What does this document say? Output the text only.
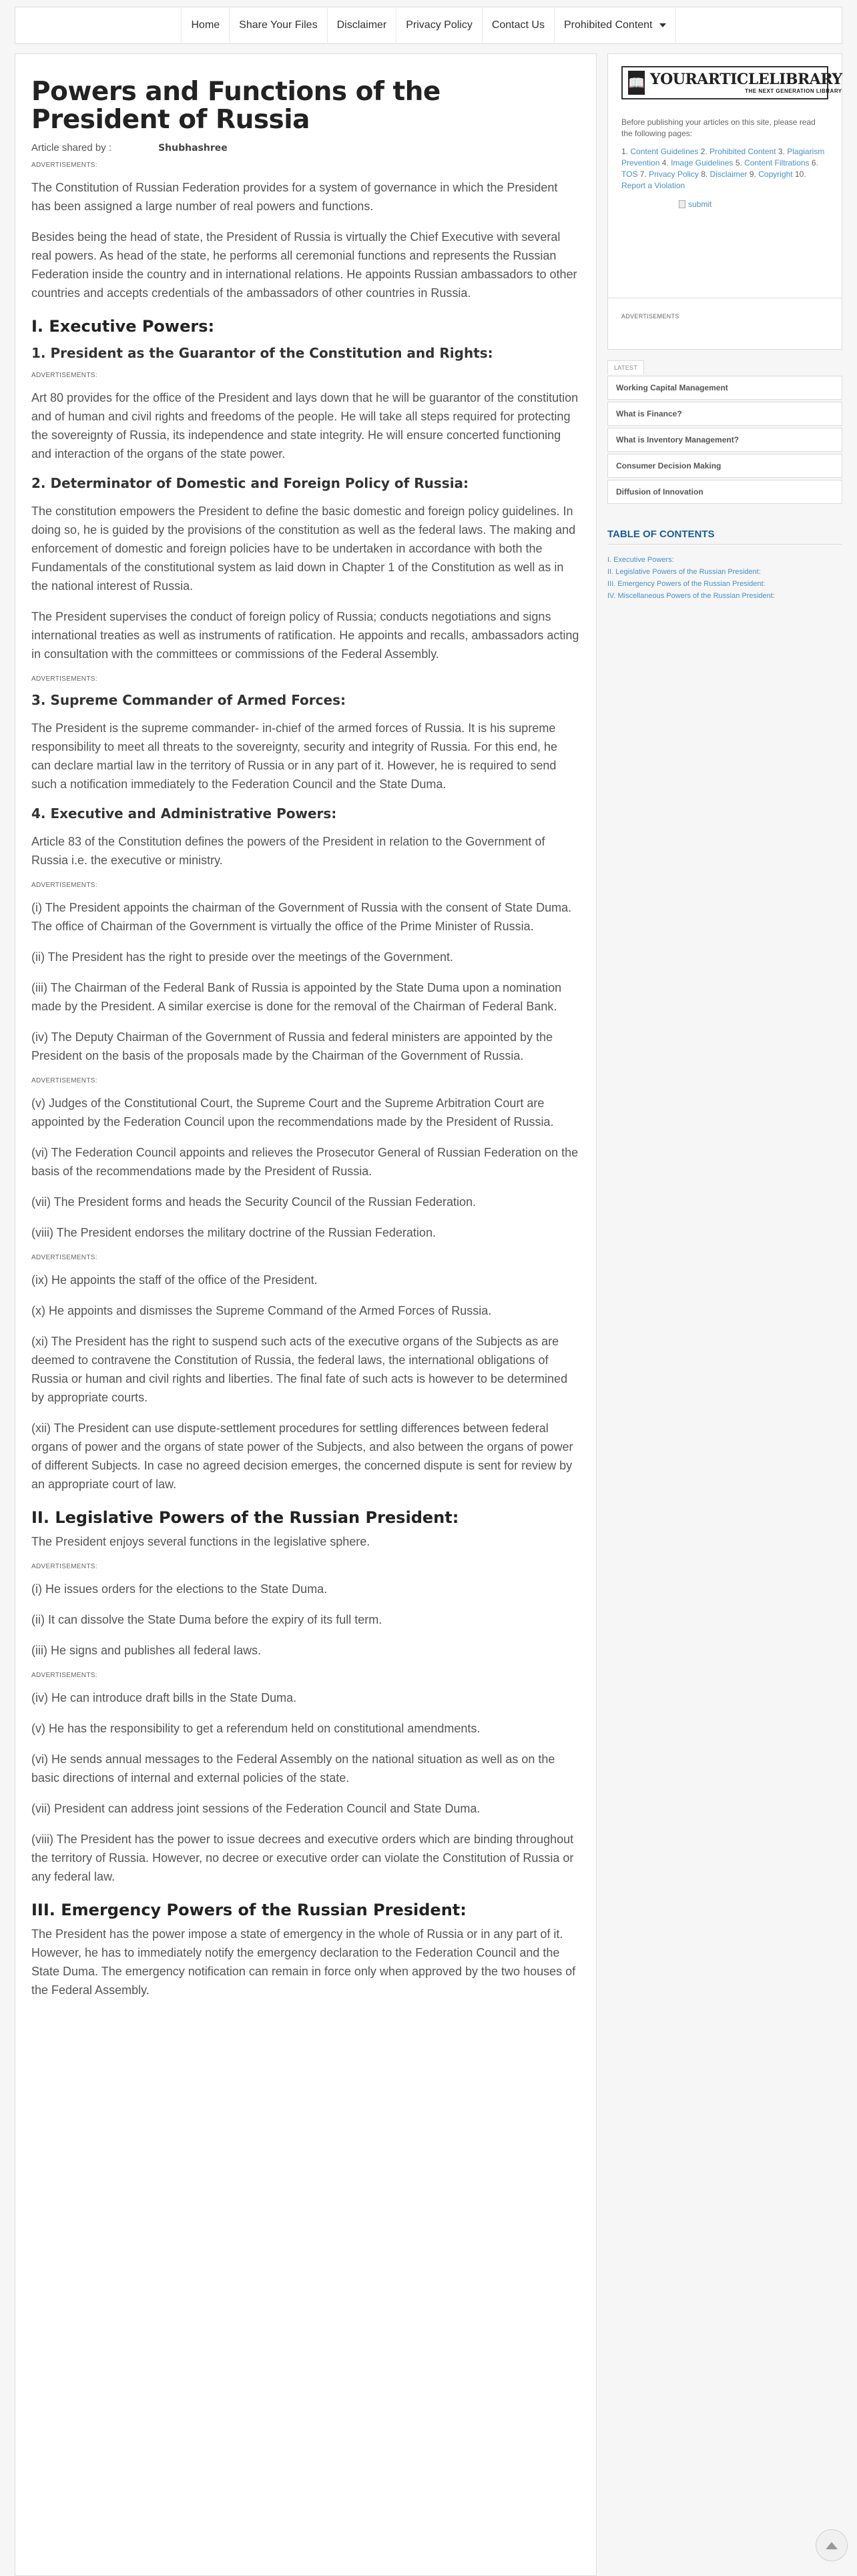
Home	Share Your Files	Disclaimer	Privacy Policy	Contact Us	Prohibited Content
Powers and Functions of the President of Russia
Article shared by :	Shubhashree
ADVERTISEMENTS:

The Constitution of Russian Federation provides for a system of governance in which the President has been assigned a large number of real powers and functions.

Besides being the head of state, the President of Russia is virtually the Chief Executive with several real powers. As head of the state, he performs all ceremonial functions and represents the Russian Federation inside the country and in international relations. He appoints Russian ambassadors to other countries and accepts credentials of the ambassadors of other countries in Russia.

I. Executive Powers:
1. President as the Guarantor of the Constitution and Rights:
ADVERTISEMENTS:

Art 80 provides for the office of the President and lays down that he will be guarantor of the constitution and of human and civil rights and freedoms of the people. He will take all steps required for protecting the sovereignty of Russia, its independence and state integrity. He will ensure concerted functioning and interaction of the organs of the state power.

2. Determinator of Domestic and Foreign Policy of Russia:

The constitution empowers the President to define the basic domestic and foreign policy guidelines. In doing so, he is guided by the provisions of the constitution as well as the federal laws. The making and enforcement of domestic and foreign policies have to be undertaken in accordance with both the Fundamentals of the constitutional system as laid down in Chapter 1 of the Constitution as well as in the national interest of Russia.

The President supervises the conduct of foreign policy of Russia; conducts negotiations and signs international treaties as well as instruments of ratification. He appoints and recalls, ambassadors acting in consultation with the committees or commissions of the Federal Assembly.

ADVERTISEMENTS:
3. Supreme Commander of Armed Forces:

The President is the supreme commander- in-chief of the armed forces of Russia. It is his supreme responsibility to meet all threats to the sovereignty, security and integrity of Russia. For this end, he can declare martial law in the territory of Russia or in any part of it. However, he is required to send such a notification immediately to the Federation Council and the State Duma.

4. Executive and Administrative Powers:

Article 83 of the Constitution defines the powers of the President in relation to the Government of Russia i.e. the executive or ministry.

ADVERTISEMENTS:

(i) The President appoints the chairman of the Government of Russia with the consent of State Duma. The office of Chairman of the Government is virtually the office of the Prime Minister of Russia.

(ii) The President has the right to preside over the meetings of the Government.

(iii) The Chairman of the Federal Bank of Russia is appointed by the State Duma upon a nomination made by the President. A similar exercise is done for the removal of the Chairman of Federal Bank.

(iv) The Deputy Chairman of the Government of Russia and federal ministers are appointed by the President on the basis of the proposals made by the Chairman of the Government of Russia.

ADVERTISEMENTS:

(v) Judges of the Constitutional Court, the Supreme Court and the Supreme Arbitration Court are appointed by the Federation Council upon the recommendations made by the President of Russia.

(vi) The Federation Council appoints and relieves the Prosecutor General of Russian Federation on the basis of the recommendations made by the President of Russia.

(vii) The President forms and heads the Security Council of the Russian Federation.

(viii) The President endorses the military doctrine of the Russian Federation.

ADVERTISEMENTS:

(ix) He appoints the staff of the office of the President.

(x) He appoints and dismisses the Supreme Command of the Armed Forces of Russia.

(xi) The President has the right to suspend such acts of the executive organs of the Subjects as are deemed to contravene the Constitution of Russia, the federal laws, the international obligations of Russia or human and civil rights and liberties. The final fate of such acts is however to be determined by appropriate courts.

(xii) The President can use dispute-settlement procedures for settling differences between federal organs of power and the organs of state power of the Subjects, and also between the organs of power of different Subjects. In case no agreed decision emerges, the concerned dispute is sent for review by an appropriate court of law.

II. Legislative Powers of the Russian President:

The President enjoys several functions in the legislative sphere.

ADVERTISEMENTS:

(i) He issues orders for the elections to the State Duma.

(ii) It can dissolve the State Duma before the expiry of its full term.

(iii) He signs and publishes all federal laws.

ADVERTISEMENTS:

(iv) He can introduce draft bills in the State Duma.

(v) He has the responsibility to get a referendum held on constitutional amendments.

(vi) He sends annual messages to the Federal Assembly on the national situation as well as on the basic directions of internal and external policies of the state.

(vii) President can address joint sessions of the Federation Council and State Duma.

(viii) The President has the power to issue decrees and executive orders which are binding throughout the territory of Russia. However, no decree or executive order can violate the Constitution of Russia or any federal law.

III. Emergency Powers of the Russian President:

The President has the power impose a state of emergency in the whole of Russia or in any part of it. However, he has to immediately notify the emergency declaration to the Federation Council and the State Duma. The emergency notification can remain in force only when approved by the two houses of the Federal Assembly.

📖 YOURARTICLELIBRARY
THE NEXT GENERATION LIBRARY
Before publishing your articles on this site, please read the following pages:
1. Content Guidelines 2. Prohibited Content 3. Plagiarism Prevention 4. Image Guidelines 5. Content Filtrations 6. TOS 7. Privacy Policy 8. Disclaimer 9. Copyright 10. Report a Violation
submit
ADVERTISEMENTS
LATEST
Working Capital Management
What is Finance?
What is Inventory Management?
Consumer Decision Making
Diffusion of Innovation
TABLE OF CONTENTS
I. Executive Powers:
II. Legislative Powers of the Russian President:
III. Emergency Powers of the Russian President:
IV. Miscellaneous Powers of the Russian President:
